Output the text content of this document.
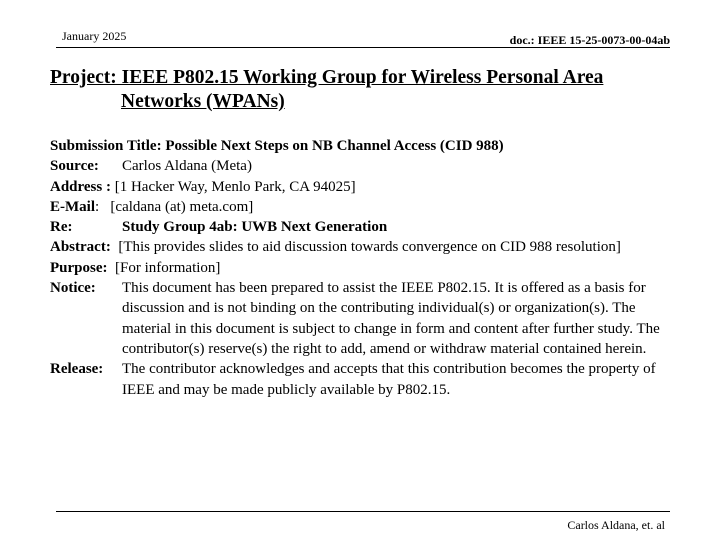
January 2025	doc.: IEEE 15-25-0073-00-04ab
Project: IEEE P802.15 Working Group for Wireless Personal Area
Networks (WPANs)
Submission Title: Possible Next Steps on NB Channel Access (CID 988)
Source: Carlos Aldana (Meta)
Address : [1 Hacker Way, Menlo Park, CA 94025]
E-Mail:   [caldana (at) meta.com]
Re:	Study Group 4ab: UWB Next Generation
Abstract: [This provides slides to aid discussion towards convergence on CID 988 resolution]
Purpose: [For information]
Notice:	This document has been prepared to assist the IEEE P802.15. It is offered as a basis for discussion and is not binding on the contributing individual(s) or organization(s). The material in this document is subject to change in form and content after further study. The contributor(s) reserve(s) the right to add, amend or withdraw material contained herein.
Release:	The contributor acknowledges and accepts that this contribution becomes the property of IEEE and may be made publicly available by P802.15.
Carlos Aldana, et. al
